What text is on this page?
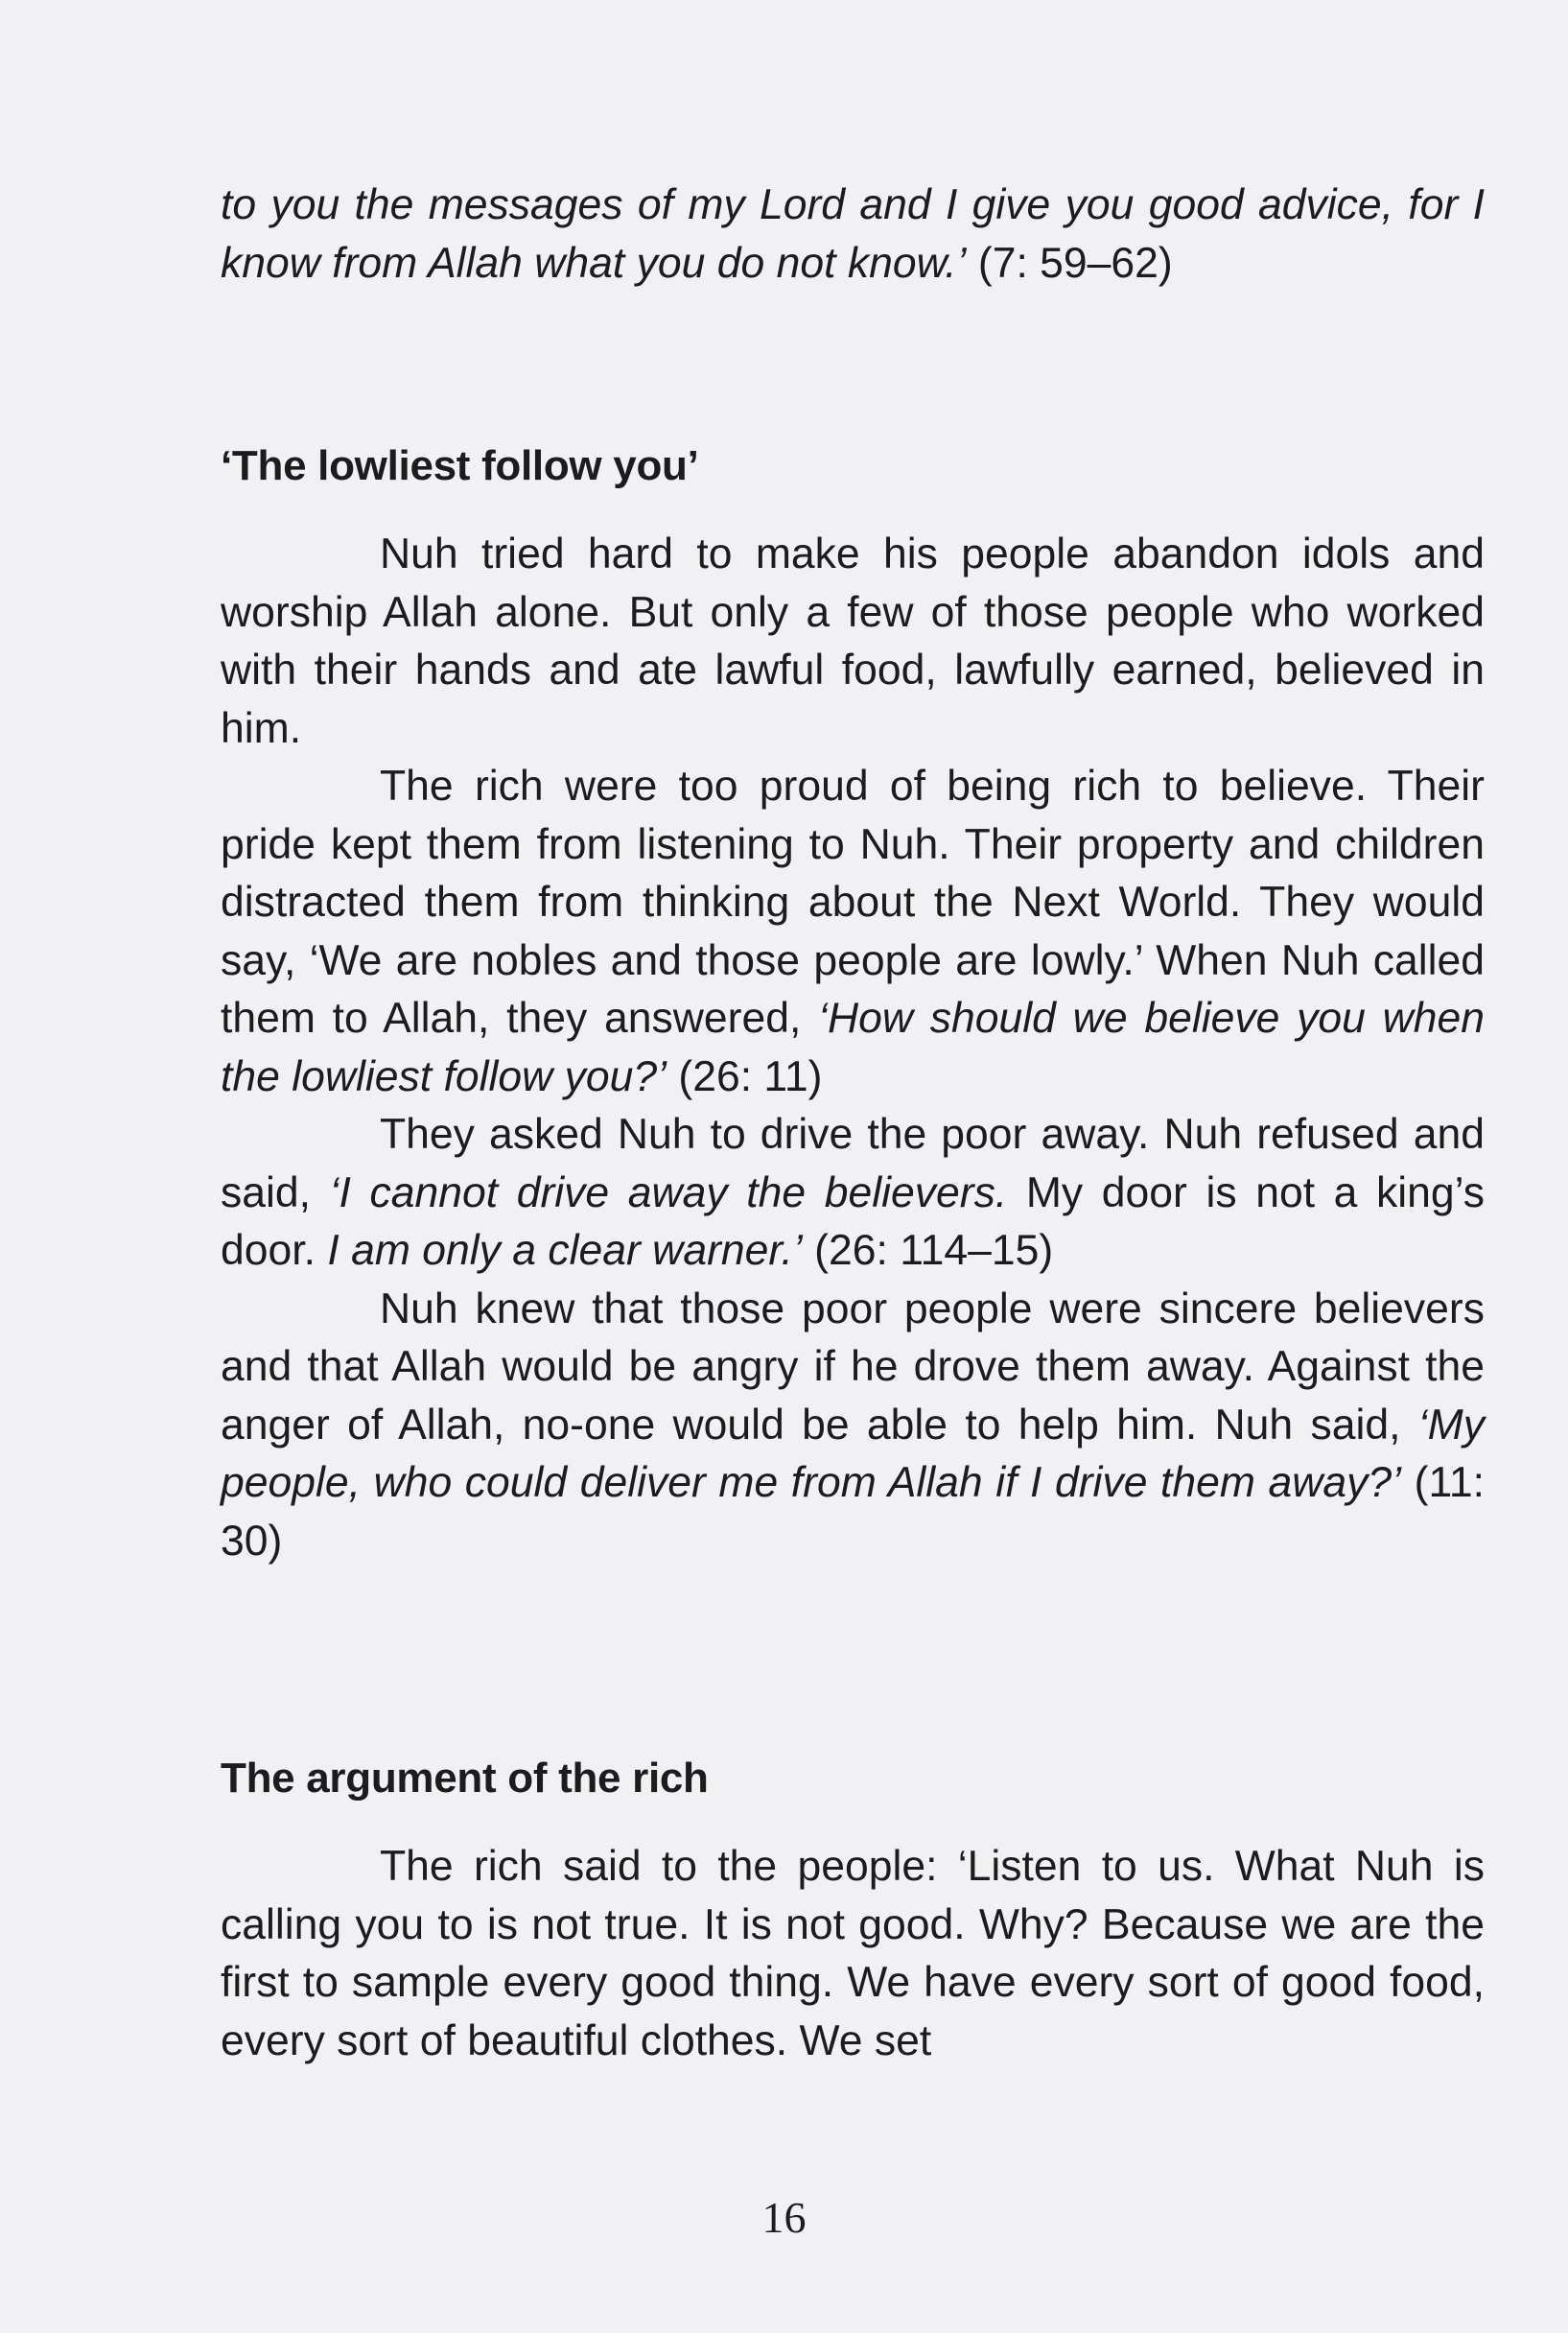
to you the messages of my Lord and I give you good advice, for I know from Allah what you do not know.’ (7: 59–62)

‘The lowliest follow you’

Nuh tried hard to make his people abandon idols and worship Allah alone. But only a few of those people who worked with their hands and ate lawful food, lawfully earned, believed in him.

The rich were too proud of being rich to believe. Their pride kept them from listening to Nuh. Their property and children distracted them from thinking about the Next World. They would say, ‘We are nobles and those people are lowly.’ When Nuh called them to Allah, they answered, ‘How should we believe you when the lowliest follow you?’ (26: 11)

They asked Nuh to drive the poor away. Nuh refused and said, ‘I cannot drive away the believers. My door is not a king’s door. I am only a clear warner.’ (26: 114–15)

Nuh knew that those poor people were sincere believers and that Allah would be angry if he drove them away. Against the anger of Allah, no-one would be able to help him. Nuh said, ‘My people, who could deliver me from Allah if I drive them away?’ (11: 30)

The argument of the rich

The rich said to the people: ‘Listen to us. What Nuh is calling you to is not true. It is not good. Why? Because we are the first to sample every good thing. We have every sort of good food, every sort of beautiful clothes. We set

16
